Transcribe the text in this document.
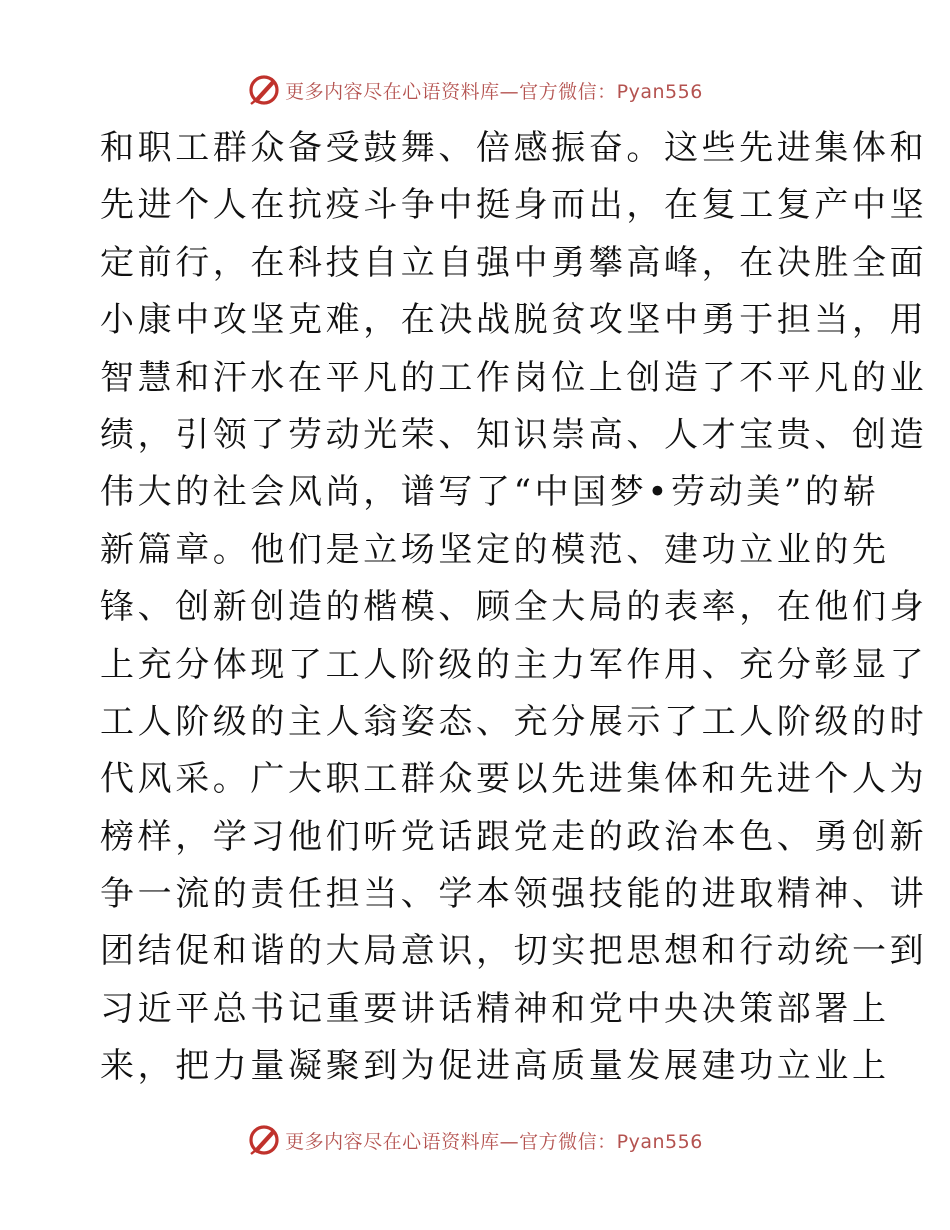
更多内容尽在心语资料库—官方微信：Pyan556
和职工群众备受鼓舞、倍感振奋。这些先进集体和
先进个人在抗疫斗争中挺身而出，在复工复产中坚
定前行，在科技自立自强中勇攀高峰，在决胜全面
小康中攻坚克难，在决战脱贫攻坚中勇于担当，用
智慧和汗水在平凡的工作岗位上创造了不平凡的业
绩，引领了劳动光荣、知识崇高、人才宝贵、创造
伟大的社会风尚，谱写了“中国梦•劳动美”的崭
新篇章。他们是立场坚定的模范、建功立业的先
锋、创新创造的楷模、顾全大局的表率，在他们身
上充分体现了工人阶级的主力军作用、充分彰显了
工人阶级的主人翁姿态、充分展示了工人阶级的时
代风采。广大职工群众要以先进集体和先进个人为
榜样，学习他们听党话跟党走的政治本色、勇创新
争一流的责任担当、学本领强技能的进取精神、讲
团结促和谐的大局意识，切实把思想和行动统一到
习近平总书记重要讲话精神和党中央决策部署上
来，把力量凝聚到为促进高质量发展建功立业上
更多内容尽在心语资料库—官方微信：Pyan556
